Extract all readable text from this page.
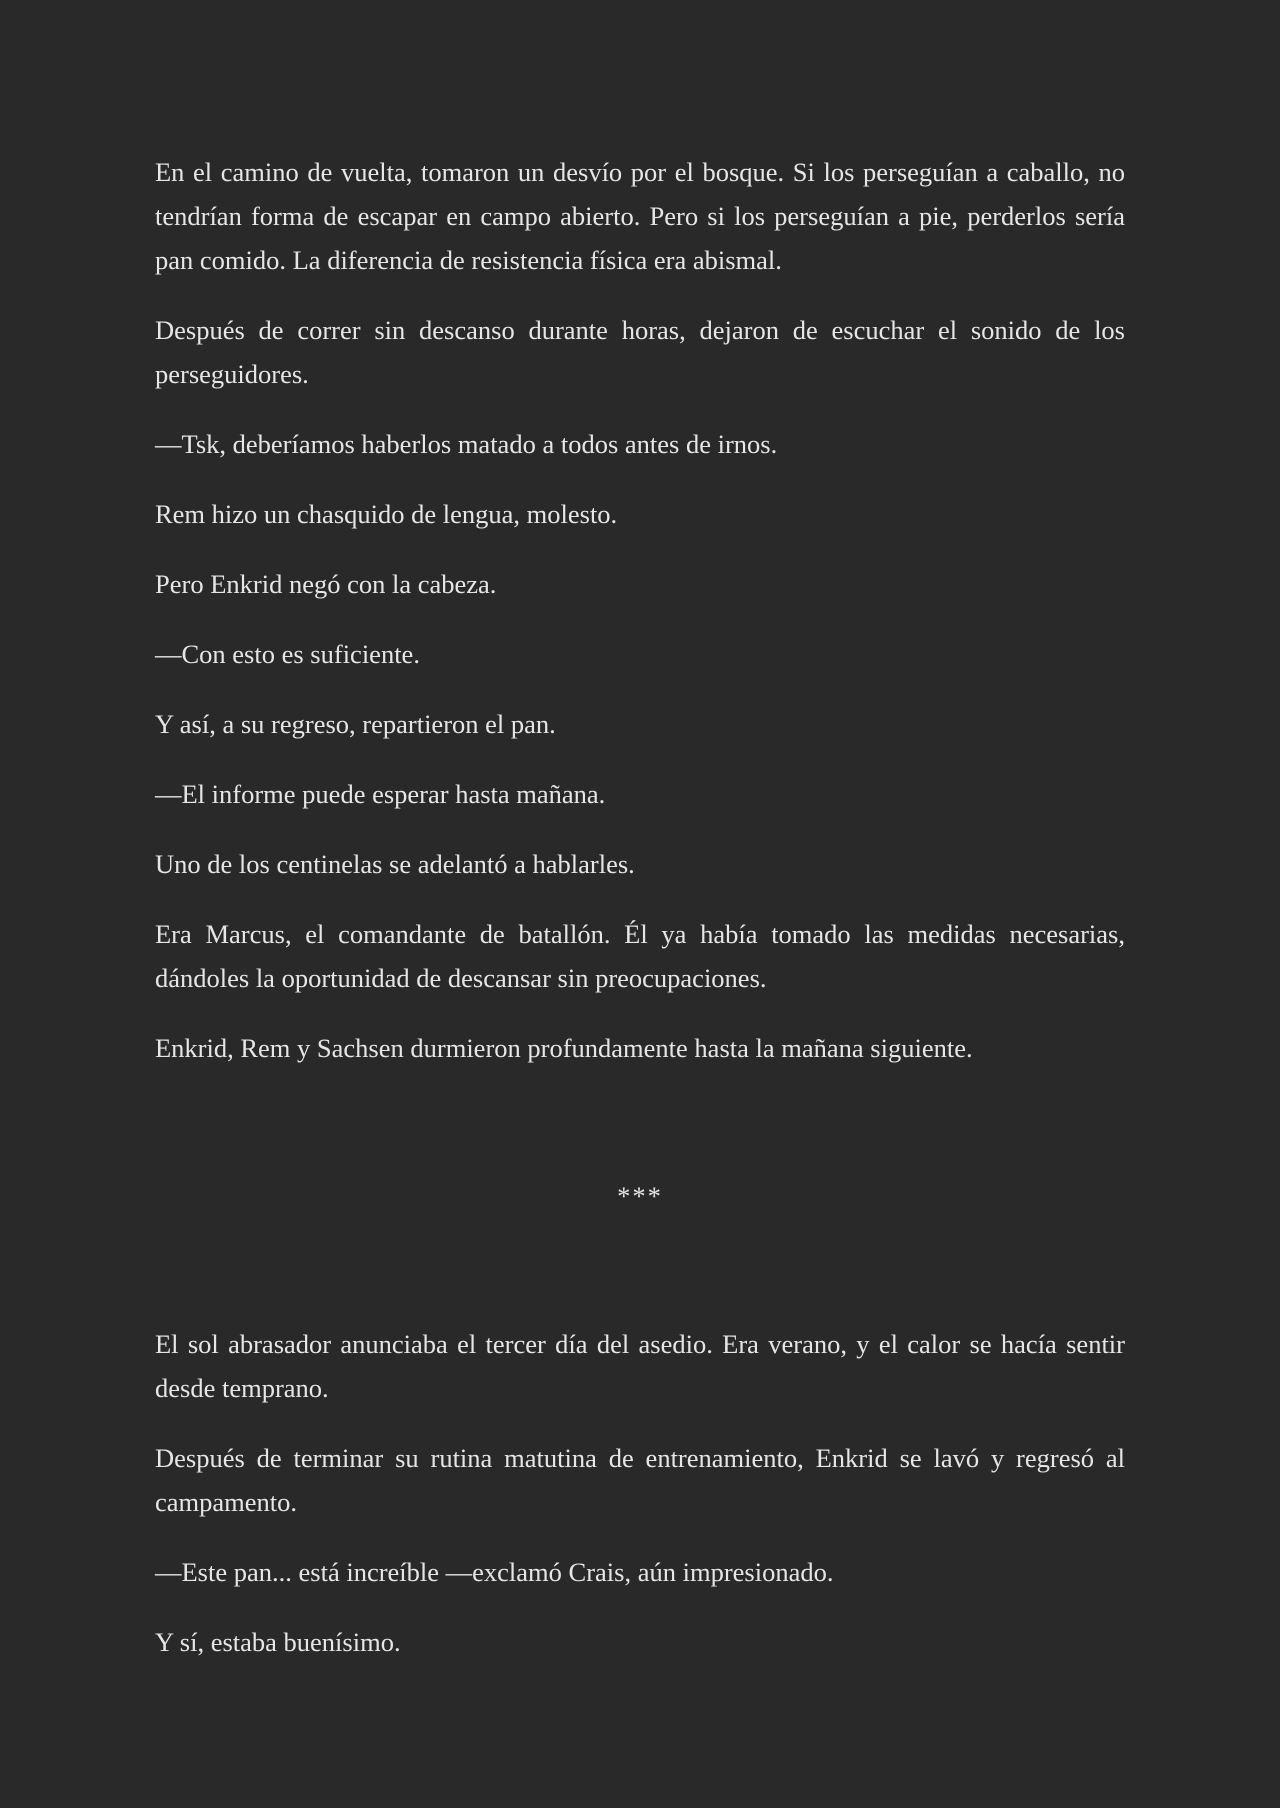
En el camino de vuelta, tomaron un desvío por el bosque. Si los perseguían a caballo, no tendrían forma de escapar en campo abierto. Pero si los perseguían a pie, perderlos sería pan comido. La diferencia de resistencia física era abismal.

Después de correr sin descanso durante horas, dejaron de escuchar el sonido de los perseguidores.

—Tsk, deberíamos haberlos matado a todos antes de irnos.

Rem hizo un chasquido de lengua, molesto.

Pero Enkrid negó con la cabeza.

—Con esto es suficiente.

Y así, a su regreso, repartieron el pan.

—El informe puede esperar hasta mañana.

Uno de los centinelas se adelantó a hablarles.

Era Marcus, el comandante de batallón. Él ya había tomado las medidas necesarias, dándoles la oportunidad de descansar sin preocupaciones.

Enkrid, Rem y Sachsen durmieron profundamente hasta la mañana siguiente.

***

El sol abrasador anunciaba el tercer día del asedio. Era verano, y el calor se hacía sentir desde temprano.

Después de terminar su rutina matutina de entrenamiento, Enkrid se lavó y regresó al campamento.

—Este pan... está increíble —exclamó Crais, aún impresionado.

Y sí, estaba buenísimo.
